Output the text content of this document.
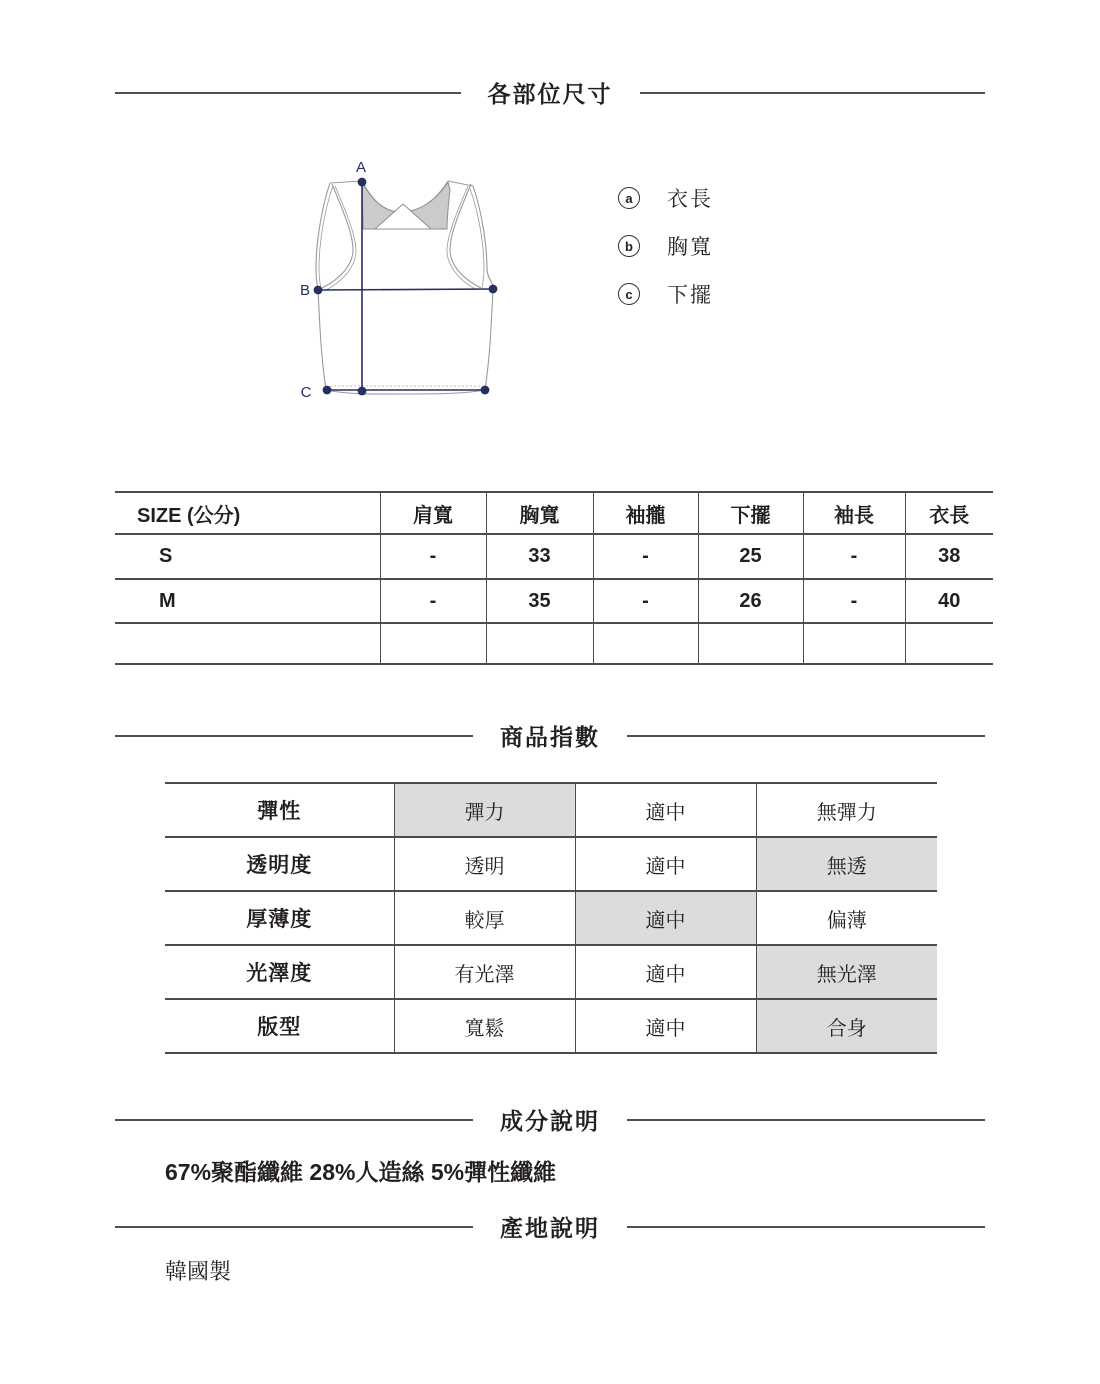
各部位尺寸
A
B
C
a	衣長
b	胸寬
c	下擺
SIZE (公分)	肩寬	胸寬	袖攏	下擺	袖長	衣長
S	-	33	-	25	-	38
M	-	35	-	26	-	40

商品指數
彈性	彈力	適中	無彈力
透明度	透明	適中	無透
厚薄度	較厚	適中	偏薄
光澤度	有光澤	適中	無光澤
版型	寬鬆	適中	合身
成分說明
67%聚酯纖維 28%人造絲 5%彈性纖維
產地說明
韓國製
